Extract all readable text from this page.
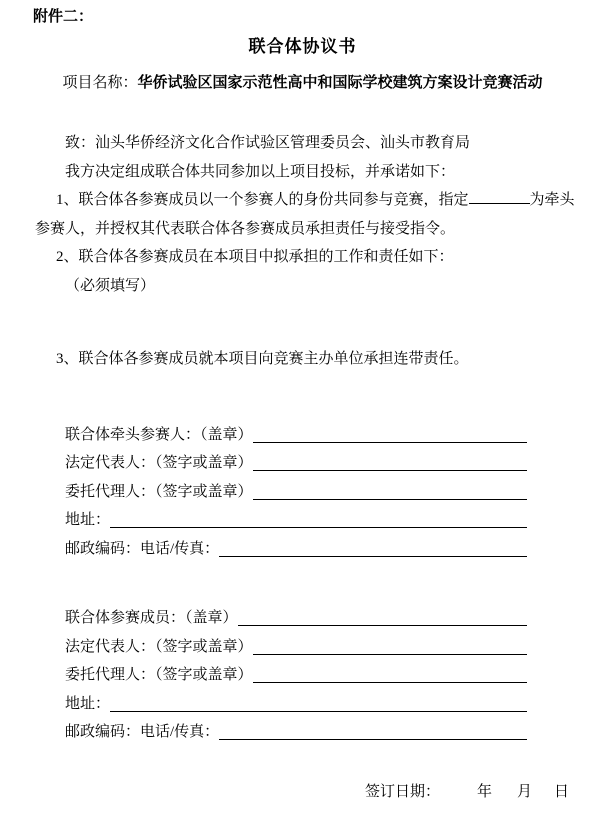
附件二：
联合体协议书
项目名称：华侨试验区国家示范性高中和国际学校建筑方案设计竞赛活动
致：汕头华侨经济文化合作试验区管理委员会、汕头市教育局
我方决定组成联合体共同参加以上项目投标，并承诺如下：
1、联合体各参赛成员以一个参赛人的身份共同参与竞赛，指定	为牵头
参赛人，并授权其代表联合体各参赛成员承担责任与接受指令。
2、联合体各参赛成员在本项目中拟承担的工作和责任如下：
（必须填写）
3、联合体各参赛成员就本项目向竞赛主办单位承担连带责任。
联合体牵头参赛人：（盖章）
法定代表人：（签字或盖章）
委托代理人：（签字或盖章）
地址：
邮政编码：电话/传真：
联合体参赛成员：（盖章）
法定代表人：（签字或盖章）
委托代理人：（签字或盖章）
地址：
邮政编码：电话/传真：

签订日期： 年 月 日
